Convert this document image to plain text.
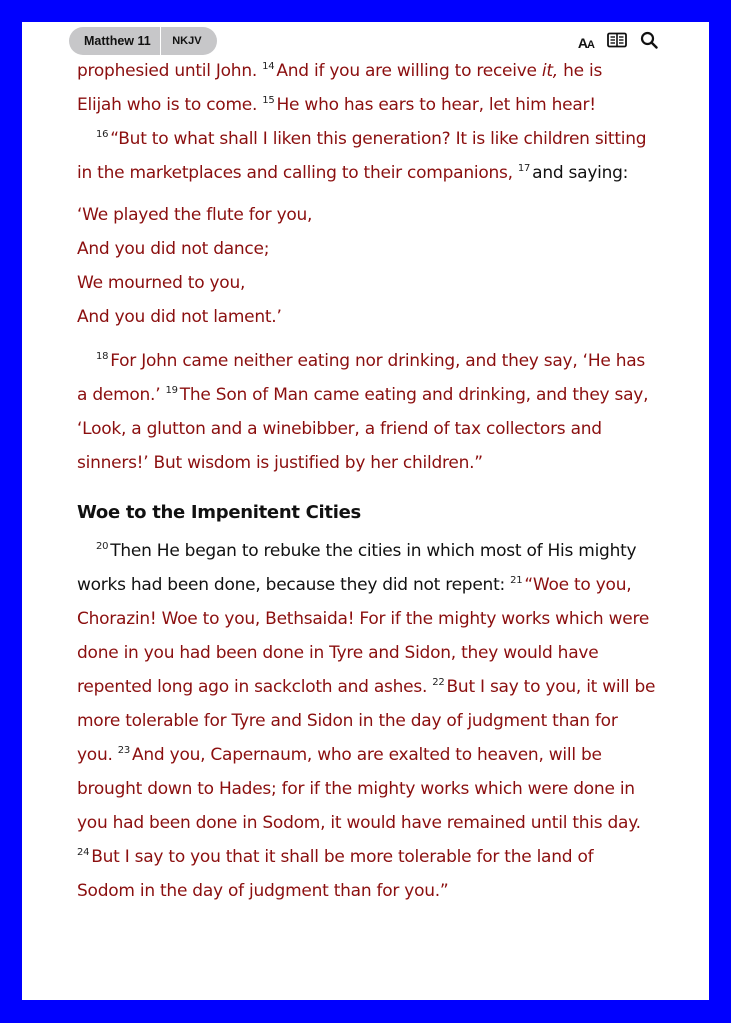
Matthew 11	NKJV	AA

prophesied until John. $^{14}$ And if you are willing to receive it, he is

Elijah who is to come. $^{15}$ He who has ears to hear, let him hear!

$^{16}$ “But to what shall I liken this generation? It is like children sitting

in the marketplaces and calling to their companions, $^{17}$ and saying:

‘We played the flute for you,

And you did not dance;

We mourned to you,

And you did not lament.’

$^{18}$ For John came neither eating nor drinking, and they say, ‘He has

a demon.’ $^{19}$ The Son of Man came eating and drinking, and they say,

‘Look, a glutton and a winebibber, a friend of tax collectors and

sinners!’ But wisdom is justified by her children.”

Woe to the Impenitent Cities

$^{20}$ Then He began to rebuke the cities in which most of His mighty

works had been done, because they did not repent: $^{21}$ “Woe to you,

Chorazin! Woe to you, Bethsaida! For if the mighty works which were

done in you had been done in Tyre and Sidon, they would have

repented long ago in sackcloth and ashes. $^{22}$ But I say to you, it will be

more tolerable for Tyre and Sidon in the day of judgment than for

you. $^{23}$ And you, Capernaum, who are exalted to heaven, will be

brought down to Hades; for if the mighty works which were done in

you had been done in Sodom, it would have remained until this day.

$^{24}$ But I say to you that it shall be more tolerable for the land of

Sodom in the day of judgment than for you.”
